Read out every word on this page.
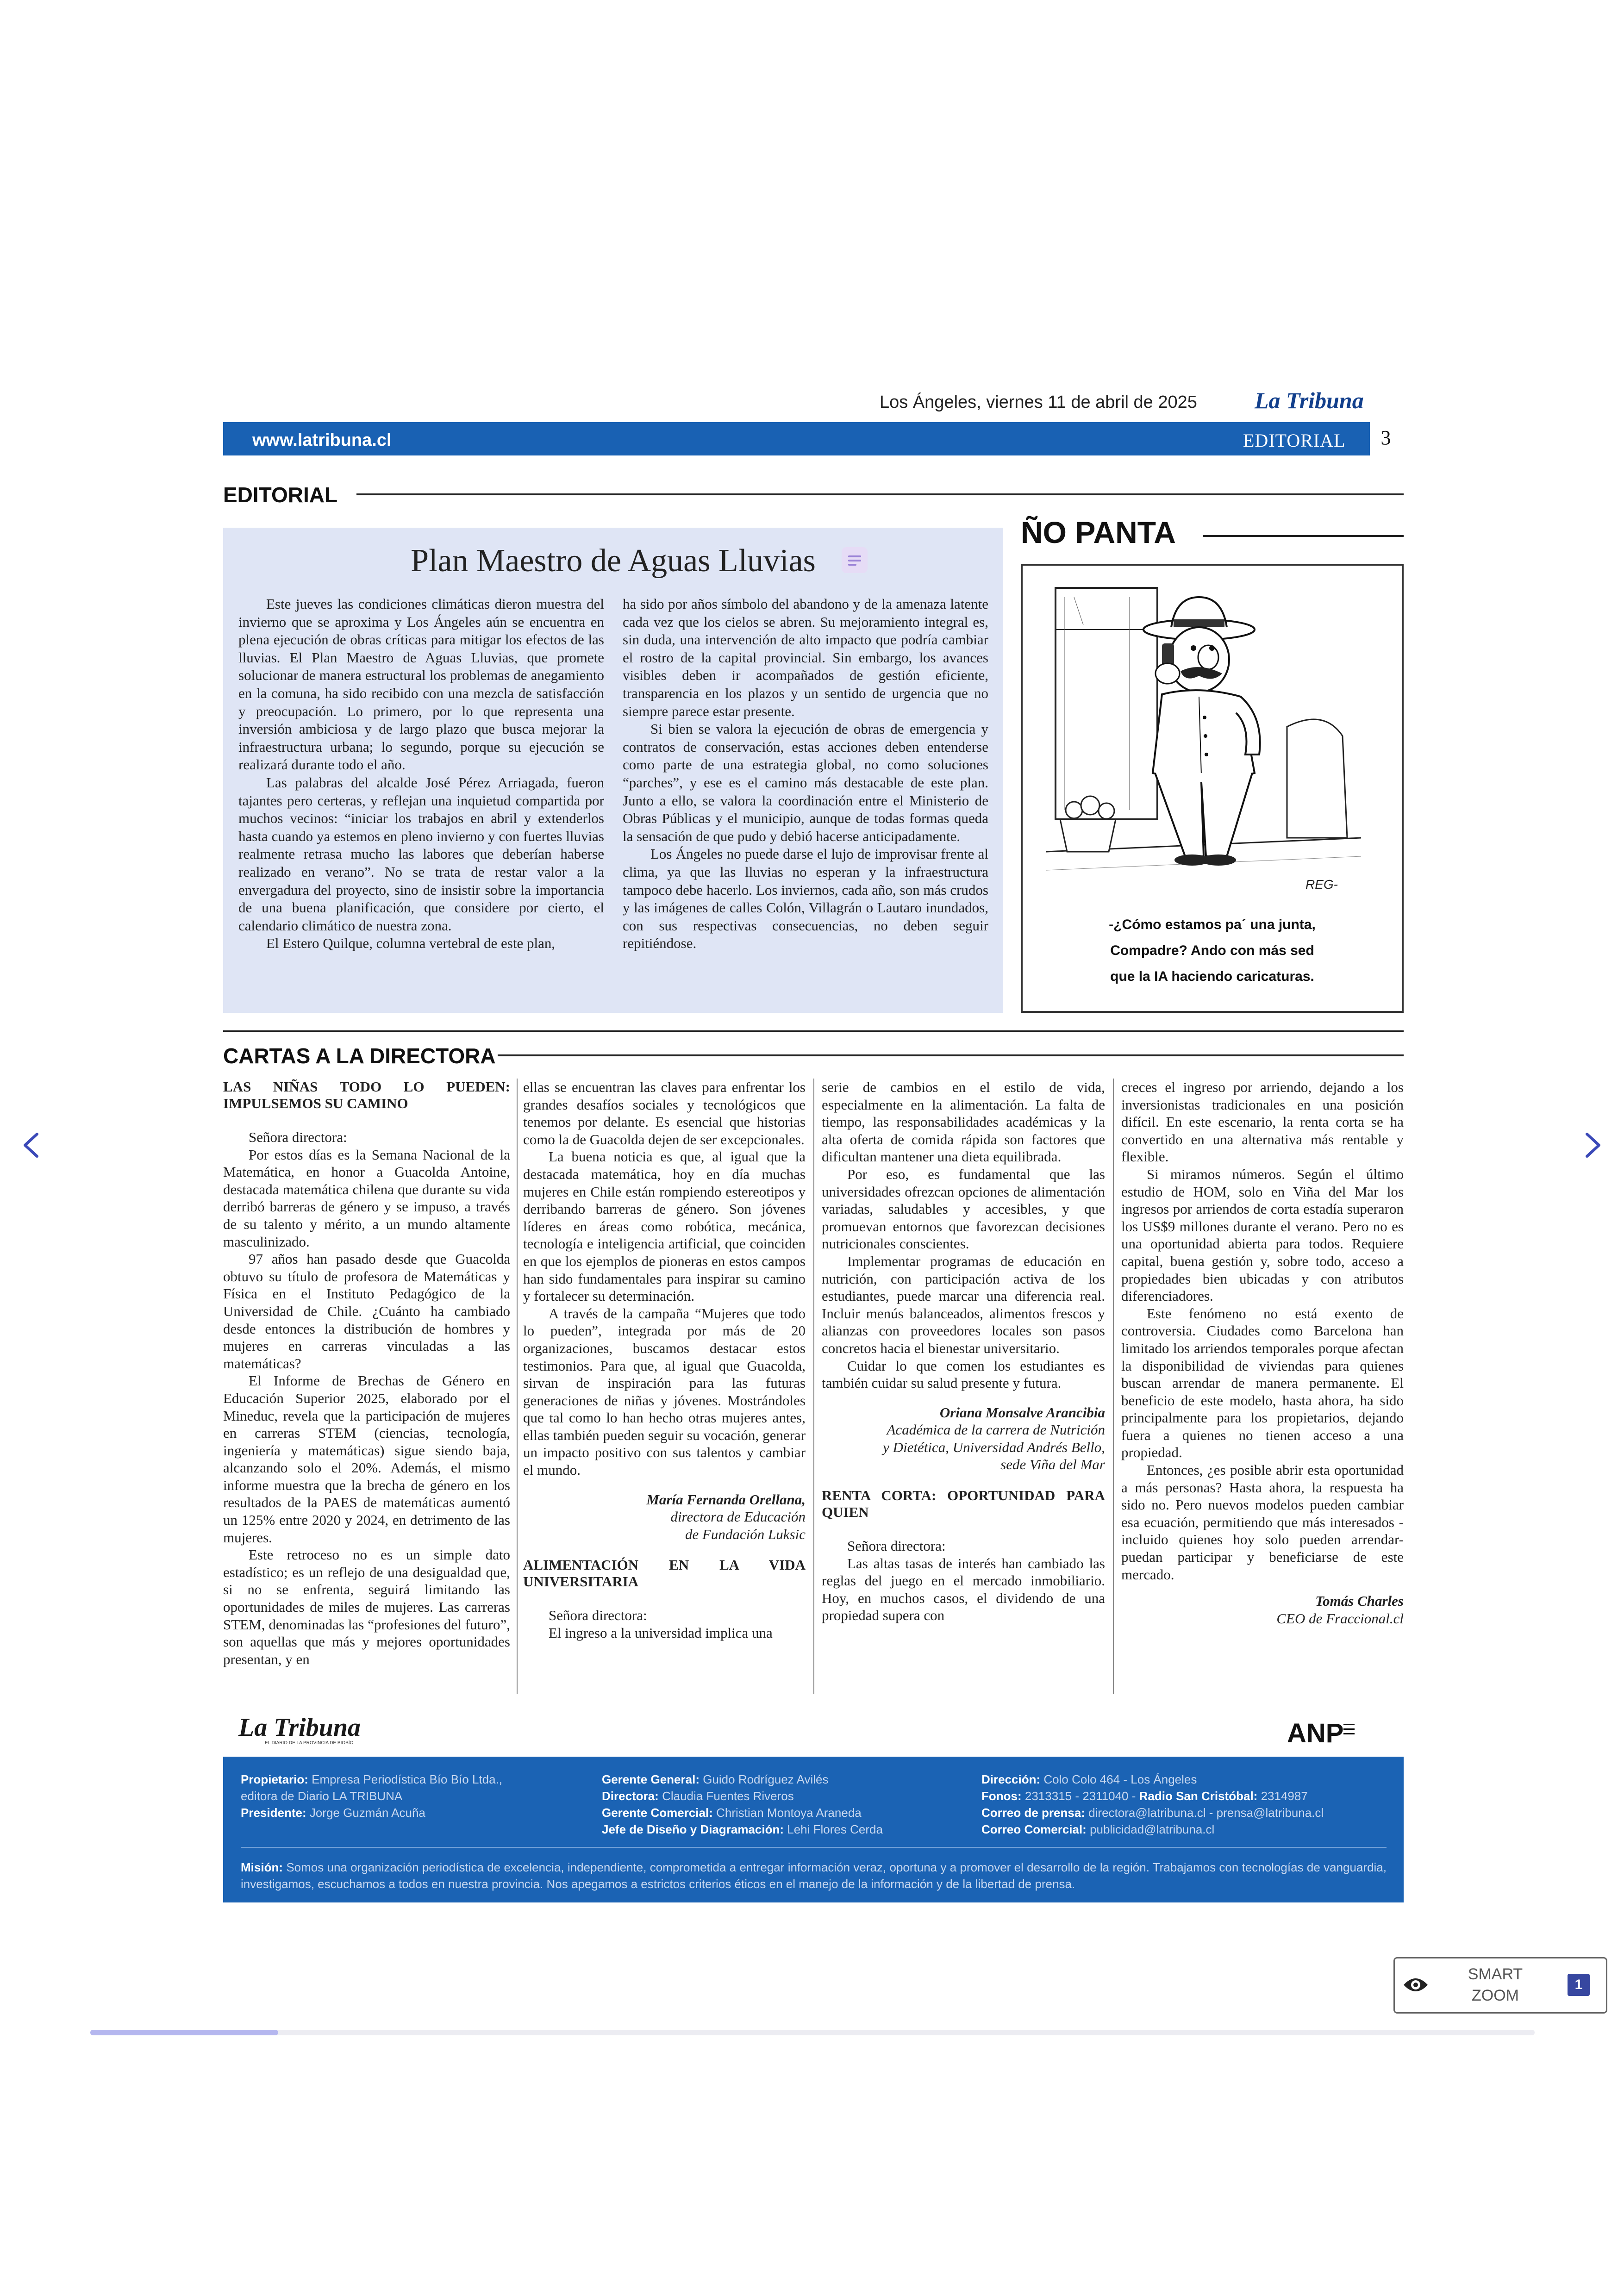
Los Ángeles, viernes 11 de abril de 2025 La Tribuna
www.latribuna.cl	EDITORIAL	3
EDITORIAL
Plan Maestro de Aguas Lluvias

Este jueves las condiciones climáticas dieron muestra del invierno que se aproxima y Los Ángeles aún se encuentra en plena ejecución de obras críticas para mitigar los efectos de las lluvias. El Plan Maestro de Aguas Lluvias, que promete solucionar de manera estructural los problemas de anegamiento en la comuna, ha sido recibido con una mezcla de satisfacción y preocupación. Lo primero, por lo que representa una inversión ambiciosa y de largo plazo que busca mejorar la infraestructura urbana; lo segundo, porque su ejecución se realizará durante todo el año.

Las palabras del alcalde José Pérez Arriagada, fueron tajantes pero certeras, y reflejan una inquietud compartida por muchos vecinos: “iniciar los trabajos en abril y extenderlos hasta cuando ya estemos en pleno invierno y con fuertes lluvias realmente retrasa mucho las labores que deberían haberse realizado en verano”. No se trata de restar valor a la envergadura del proyecto, sino de insistir sobre la importancia de una buena planificación, que considere por cierto, el calendario climático de nuestra zona.

El Estero Quilque, columna vertebral de este plan,

ha sido por años símbolo del abandono y de la amenaza latente cada vez que los cielos se abren. Su mejoramiento integral es, sin duda, una intervención de alto impacto que podría cambiar el rostro de la capital provincial. Sin embargo, los avances visibles deben ir acompañados de gestión eficiente, transparencia en los plazos y un sentido de urgencia que no siempre parece estar presente.

Si bien se valora la ejecución de obras de emergencia y contratos de conservación, estas acciones deben entenderse como parte de una estrategia global, no como soluciones “parches”, y ese es el camino más destacable de este plan. Junto a ello, se valora la coordinación entre el Ministerio de Obras Públicas y el municipio, aunque de todas formas queda la sensación de que pudo y debió hacerse anticipadamente.

Los Ángeles no puede darse el lujo de improvisar frente al clima, ya que las lluvias no esperan y la infraestructura tampoco debe hacerlo. Los inviernos, cada año, son más crudos y las imágenes de calles Colón, Villagrán o Lautaro inundados, con sus respectivas consecuencias, no deben seguir repitiéndose.

ÑO PANTA
REG-
-¿Cómo estamos pa´ una junta,
Compadre? Ando con más sed
que la IA haciendo caricaturas.
CARTAS A LA DIRECTORA

LAS NIÑAS TODO LO PUEDEN: IMPULSEMOS SU CAMINO

Señora directora:

Por estos días es la Semana Nacional de la Matemática, en honor a Guacolda Antoine, destacada matemática chilena que durante su vida derribó barreras de género y se impuso, a través de su talento y mérito, a un mundo altamente masculinizado.

97 años han pasado desde que Guacolda obtuvo su título de profesora de Matemáticas y Física en el Instituto Pedagógico de la Universidad de Chile. ¿Cuánto ha cambiado desde entonces la distribución de hombres y mujeres en carreras vinculadas a las matemáticas?

El Informe de Brechas de Género en Educación Superior 2025, elaborado por el Mineduc, revela que la participación de mujeres en carreras STEM (ciencias, tecnología, ingeniería y matemáticas) sigue siendo baja, alcanzando solo el 20%. Además, el mismo informe muestra que la brecha de género en los resultados de la PAES de matemáticas aumentó un 125% entre 2020 y 2024, en detrimento de las mujeres.

Este retroceso no es un simple dato estadístico; es un reflejo de una desigualdad que, si no se enfrenta, seguirá limitando las oportunidades de miles de mujeres. Las carreras STEM, denominadas las “profesiones del futuro”, son aquellas que más y mejores oportunidades presentan, y en

ellas se encuentran las claves para enfrentar los grandes desafíos sociales y tecnológicos que tenemos por delante. Es esencial que historias como la de Guacolda dejen de ser excepcionales.

La buena noticia es que, al igual que la destacada matemática, hoy en día muchas mujeres en Chile están rompiendo estereotipos y derribando barreras de género. Son jóvenes líderes en áreas como robótica, mecánica, tecnología e inteligencia artificial, que coinciden en que los ejemplos de pioneras en estos campos han sido fundamentales para inspirar su camino y fortalecer su determinación.

A través de la campaña “Mujeres que todo lo pueden”, integrada por más de 20 organizaciones, buscamos destacar estos testimonios. Para que, al igual que Guacolda, sirvan de inspiración para las futuras generaciones de niñas y jóvenes. Mostrándoles que tal como lo han hecho otras mujeres antes, ellas también pueden seguir su vocación, generar un impacto positivo con sus talentos y cambiar el mundo.

María Fernanda Orellana,
directora de Educación
de Fundación Luksic

ALIMENTACIÓN EN LA VIDA UNIVERSITARIA

Señora directora:

El ingreso a la universidad implica una

serie de cambios en el estilo de vida, especialmente en la alimentación. La falta de tiempo, las responsabilidades académicas y la alta oferta de comida rápida son factores que dificultan mantener una dieta equilibrada.

Por eso, es fundamental que las universidades ofrezcan opciones de alimentación variadas, saludables y accesibles, y que promuevan entornos que favorezcan decisiones nutricionales conscientes.

Implementar programas de educación en nutrición, con participación activa de los estudiantes, puede marcar una diferencia real. Incluir menús balanceados, alimentos frescos y alianzas con proveedores locales son pasos concretos hacia el bienestar universitario.

Cuidar lo que comen los estudiantes es también cuidar su salud presente y futura.

Oriana Monsalve Arancibia
Académica de la carrera de Nutrición
y Dietética, Universidad Andrés Bello,
sede Viña del Mar

RENTA CORTA: OPORTUNIDAD PARA QUIEN

Señora directora:

Las altas tasas de interés han cambiado las reglas del juego en el mercado inmobiliario. Hoy, en muchos casos, el dividendo de una propiedad supera con

creces el ingreso por arriendo, dejando a los inversionistas tradicionales en una posición difícil. En este escenario, la renta corta se ha convertido en una alternativa más rentable y flexible.

Si miramos números. Según el último estudio de HOM, solo en Viña del Mar los ingresos por arriendos de corta estadía superaron los US$9 millones durante el verano. Pero no es una oportunidad abierta para todos. Requiere capital, buena gestión y, sobre todo, acceso a propiedades bien ubicadas y con atributos diferenciadores.

Este fenómeno no está exento de controversia. Ciudades como Barcelona han limitado los arriendos temporales porque afectan la disponibilidad de viviendas para quienes buscan arrendar de manera permanente. El beneficio de este modelo, hasta ahora, ha sido principalmente para los propietarios, dejando fuera a quienes no tienen acceso a una propiedad.

Entonces, ¿es posible abrir esta oportunidad a más personas? Hasta ahora, la respuesta ha sido no. Pero nuevos modelos pueden cambiar esa ecuación, permitiendo que más interesados -incluido quienes hoy solo pueden arrendar- puedan participar y beneficiarse de este mercado.

Tomás Charles
CEO de Fraccional.cl

La Tribuna
EL DIARIO DE LA PROVINCIA DE BIOBÍO	ANP
Propietario: Empresa Periodística Bío Bío Ltda.,
editora de Diario LA TRIBUNA
Presidente: Jorge Guzmán Acuña
Gerente General: Guido Rodríguez Avilés
Directora: Claudia Fuentes Riveros
Gerente Comercial: Christian Montoya Araneda
Jefe de Diseño y Diagramación: Lehi Flores Cerda
Dirección: Colo Colo 464 - Los Ángeles
Fonos: 2313315 - 2311040 - Radio San Cristóbal: 2314987
Correo de prensa: directora@latribuna.cl - prensa@latribuna.cl
Correo Comercial: publicidad@latribuna.cl
Misión: Somos una organización periodística de excelencia, independiente, comprometida a entregar información veraz, oportuna y a promover el desarrollo de la región. Trabajamos con tecnologías de vanguardia, investigamos, escuchamos a todos en nuestra provincia. Nos apegamos a estrictos criterios éticos en el manejo de la información y de la libertad de prensa.
SMART
ZOOM
1
